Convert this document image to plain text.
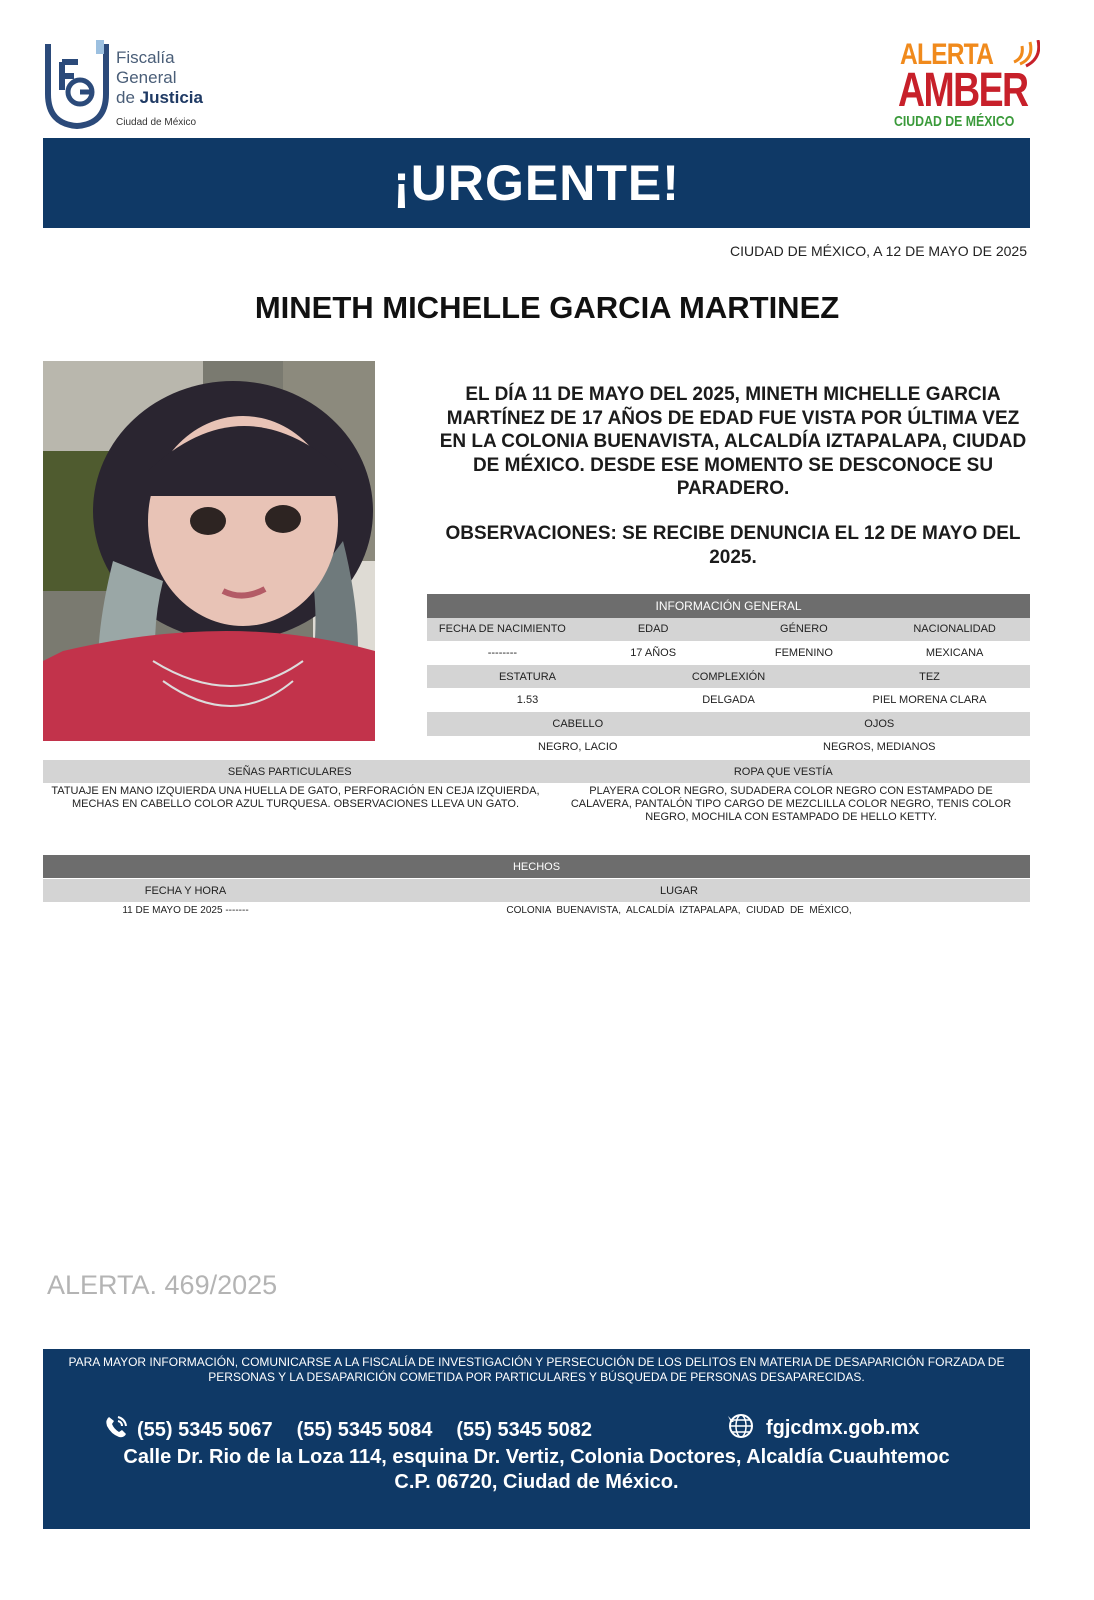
Fiscalía
General
de Justicia
Ciudad de México
ALERTA
AMBER
CIUDAD DE MÉXICO
¡URGENTE!
CIUDAD DE MÉXICO, A 12 DE MAYO DE 2025
MINETH MICHELLE GARCIA MARTINEZ
EL DÍA 11 DE MAYO DEL 2025, MINETH MICHELLE GARCIA MARTÍNEZ DE 17 AÑOS DE EDAD FUE VISTA POR ÚLTIMA VEZ EN LA COLONIA BUENAVISTA, ALCALDÍA IZTAPALAPA, CIUDAD DE MÉXICO. DESDE ESE MOMENTO SE DESCONOCE SU PARADERO.
OBSERVACIONES: SE RECIBE DENUNCIA EL 12 DE MAYO DEL 2025.
INFORMACIÓN GENERAL
FECHA DE NACIMIENTO	EDAD	GÉNERO	NACIONALIDAD
--------	17 AÑOS	FEMENINO	MEXICANA
ESTATURA	COMPLEXIÓN	TEZ
1.53	DELGADA	PIEL MORENA CLARA
CABELLO	OJOS
NEGRO, LACIO	NEGROS, MEDIANOS
SEÑAS PARTICULARES	ROPA QUE VESTÍA
TATUAJE EN MANO IZQUIERDA UNA HUELLA DE GATO, PERFORACIÓN EN CEJA IZQUIERDA, MECHAS EN CABELLO COLOR AZUL TURQUESA. OBSERVACIONES LLEVA UN GATO.
PLAYERA COLOR NEGRO, SUDADERA COLOR NEGRO CON ESTAMPADO DE CALAVERA, PANTALÓN TIPO CARGO DE MEZCLILLA COLOR NEGRO, TENIS COLOR NEGRO, MOCHILA CON ESTAMPADO DE HELLO KETTY.
HECHOS
FECHA Y HORA	LUGAR
11 DE MAYO DE 2025 -------	COLONIA  BUENAVISTA,  ALCALDÍA  IZTAPALAPA,  CIUDAD  DE  MÉXICO,
ALERTA. 469/2025
PARA MAYOR INFORMACIÓN, COMUNICARSE A LA FISCALÍA DE INVESTIGACIÓN Y PERSECUCIÓN DE LOS DELITOS EN MATERIA DE DESAPARICIÓN FORZADA DE PERSONAS Y LA DESAPARICIÓN COMETIDA POR PARTICULARES Y BÚSQUEDA DE PERSONAS DESAPARECIDAS.
(55) 5345 5067 (55) 5345 5084 (55) 5345 5082	fgjcdmx.gob.mx
Calle Dr. Rio de la Loza 114, esquina Dr. Vertiz, Colonia Doctores, Alcaldía Cuauhtemoc
C.P. 06720, Ciudad de México.
